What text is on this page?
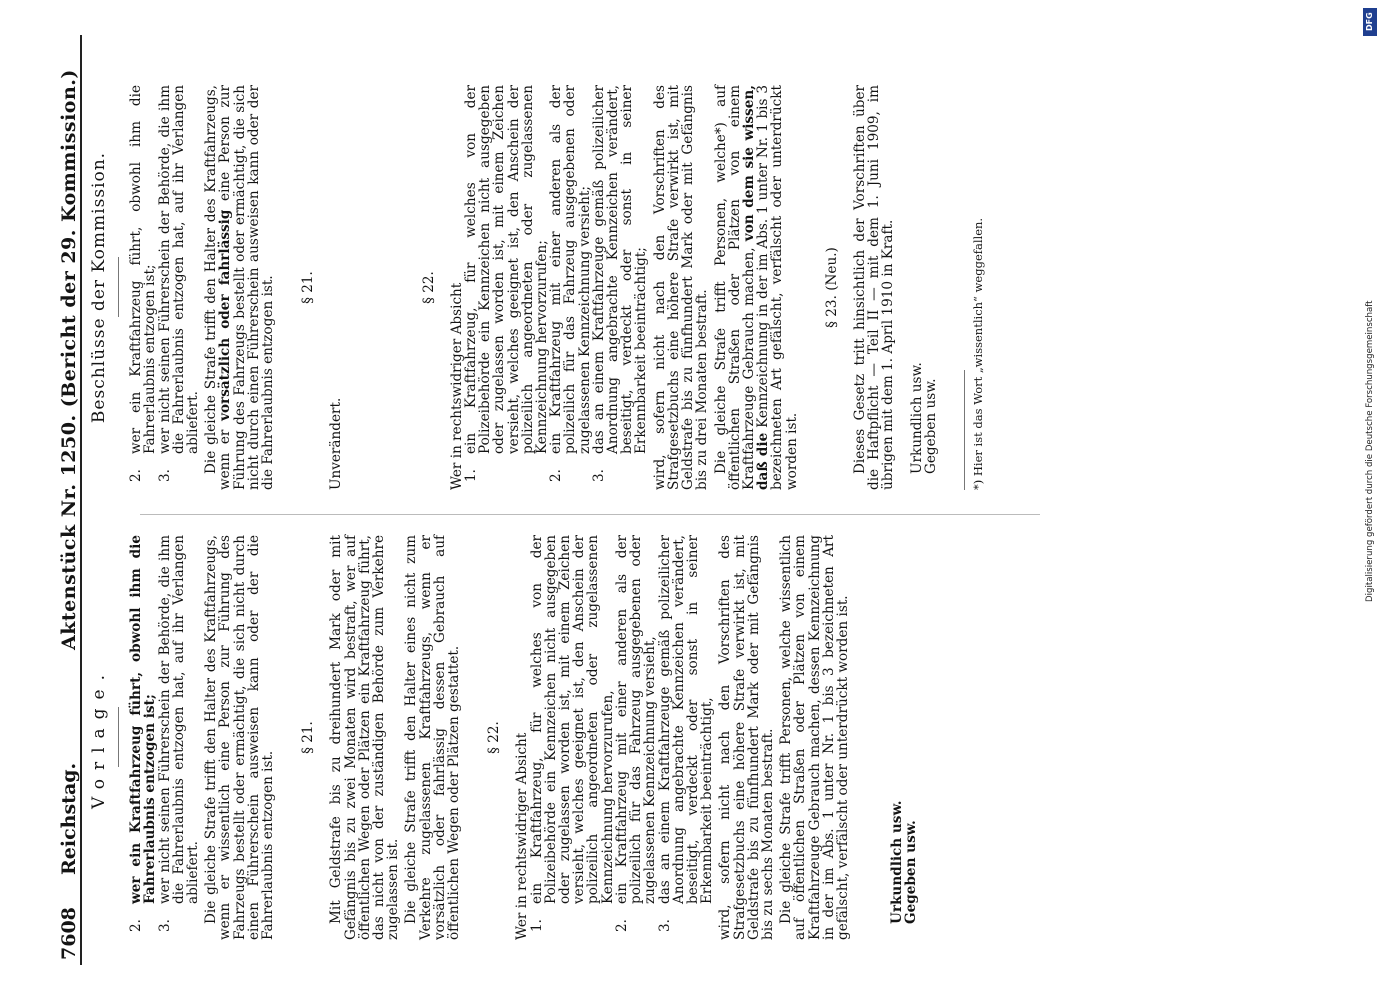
7608
Reichstag.
Aktenstück Nr. 1250. (Bericht der 29. Kommission.)
Vorlage.
2.
wer ein Kraftfahrzeug führt, obwohl ihm die Fahrerlaubnis entzogen ist;
3.
wer nicht seinen Führerschein der Behörde, die ihm die Fahrerlaubnis entzogen hat, auf ihr Verlangen abliefert. Die gleiche Strafe trifft den Halter des Kraftfahrzeugs, wenn er wissentlich eine Person zur Führung des Fahrzeugs bestellt oder ermächtigt, die sich nicht durch einen Führerschein ausweisen kann oder der die Fahrerlaubnis entzogen ist.

§ 21. Mit Geldstrafe bis zu dreihundert Mark oder mit Gefängnis bis zu zwei Monaten wird bestraft, wer auf öffentlichen Wegen oder Plätzen ein Kraftfahrzeug führt, das nicht von der zuständigen Behörde zum Verkehre zugelassen ist. Die gleiche Strafe trifft den Halter eines nicht zum Verkehre zugelassenen Kraftfahrzeugs, wenn er vorsätzlich oder fahrlässig dessen Gebrauch auf öffentlichen Wegen oder Plätzen gestattet. § 22. Wer in rechtswidriger Absicht

1.
ein Kraftfahrzeug, für welches von der Polizeibehörde ein Kennzeichen nicht ausgegeben oder zugelassen worden ist, mit einem Zeichen versieht, welches geeignet ist, den Anschein der polizeilich angeordneten oder zugelassenen Kennzeichnung hervorzurufen,
2.
ein Kraftfahrzeug mit einer anderen als der polizeilich für das Fahrzeug ausgegebenen oder zugelassenen Kennzeichnung versieht,
3.
das an einem Kraftfahrzeuge gemäß polizeilicher Anordnung angebrachte Kennzeichen verändert, beseitigt, verdeckt oder sonst in seiner Erkennbarkeit beeinträchtigt, wird, sofern nicht nach den Vorschriften des Strafgesetzbuchs eine höhere Strafe verwirkt ist, mit Geldstrafe bis zu fünfhundert Mark oder mit Gefängnis bis zu sechs Monaten bestraft. Die gleiche Strafe trifft Personen, welche wissentlich auf öffentlichen Straßen oder Plätzen von einem Kraftfahrzeuge Gebrauch machen, dessen Kennzeichnung in der im Abs. 1 unter Nr. 1 bis 3 bezeichneten Art gefälscht, verfälscht oder unterdrückt worden ist.	Urkundlich usw.

Gegeben usw.

Beschlüsse der Kommission.
2.
wer ein Kraftfahrzeug führt, obwohl ihm die Fahrerlaubnis entzogen ist;
3.
wer nicht seinen Führerschein der Behörde, die ihm die Fahrerlaubnis entzogen hat, auf ihr Verlangen abliefert. Die gleiche Strafe trifft den Halter des Kraftfahrzeugs, wenn er vorsätzlich oder fahrlässig eine Person zur Führung des Fahrzeugs bestellt oder ermächtigt, die sich nicht durch einen Führerschein ausweisen kann oder der die Fahrerlaubnis entzogen ist. § 21.

Unverändert.

§ 22. Wer in rechtswidriger Absicht

1.
ein Kraftfahrzeug, für welches von der Polizeibehörde ein Kennzeichen nicht ausgegeben oder zugelassen worden ist, mit einem Zeichen versieht, welches geeignet ist, den Anschein der polizeilich angeordneten oder zugelassenen Kennzeichnung hervorzurufen;
2.
ein Kraftfahrzeug mit einer anderen als der polizeilich für das Fahrzeug ausgegebenen oder zugelassenen Kennzeichnung versieht;
3.
das an einem Kraftfahrzeuge gemäß polizeilicher Anordnung angebrachte Kennzeichen verändert, beseitigt, verdeckt oder sonst in seiner Erkennbarkeit beeinträchtigt; wird, sofern nicht nach den Vorschriften des Strafgesetzbuchs eine höhere Strafe verwirkt ist, mit Geldstrafe bis zu fünfhundert Mark oder mit Gefängnis bis zu drei Monaten bestraft. Die gleiche Strafe trifft Personen, welche*) auf öffentlichen Straßen oder Plätzen von einem Kraftfahrzeuge Gebrauch machen, von dem sie wissen, daß die Kennzeichnung in der im Abs. 1 unter Nr. 1 bis 3 bezeichneten Art gefälscht, verfälscht oder unterdrückt worden ist.

§ 23. (Neu.) Dieses Gesetz tritt hinsichtlich der Vorschriften über die Haftpflicht — Teil II — mit dem 1. Juni 1909, im übrigen mit dem 1. April 1910 in Kraft. Urkundlich usw.

Gegeben usw.	*) Hier ist das Wort „wissentlich“ weggefallen.

DFG
Digitalisierung gefördert durch die Deutsche Forschungsgemeinschaft
